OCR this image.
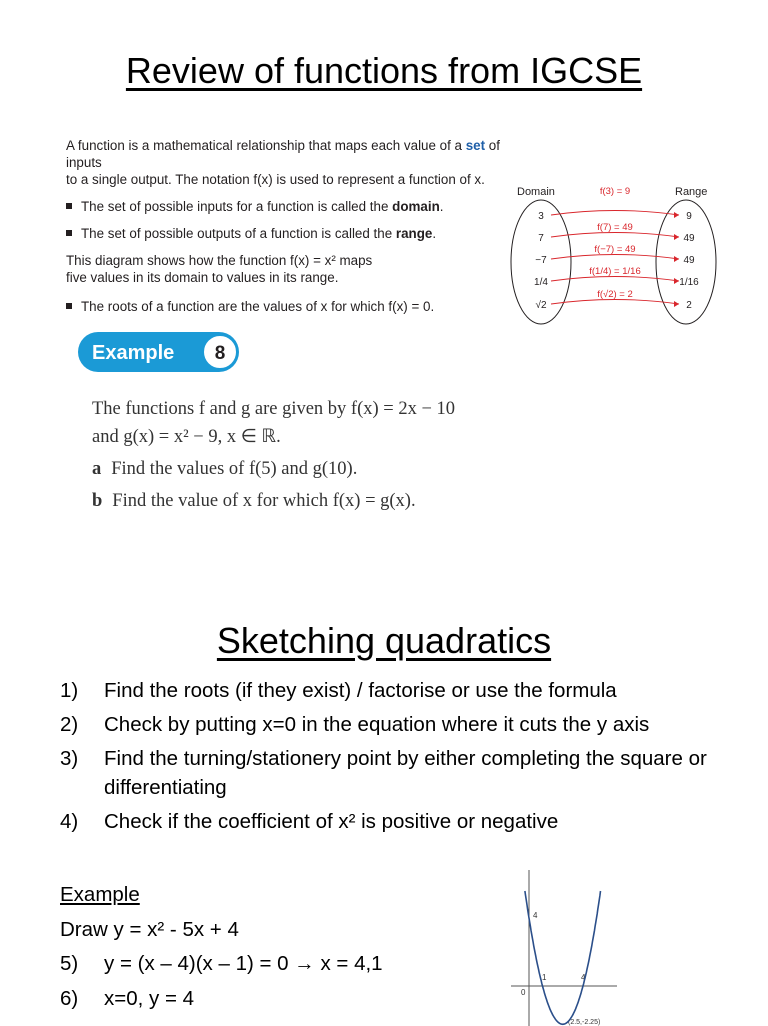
Review of functions from IGCSE

A function is a mathematical relationship that maps each value of a set of inputs

to a single output. The notation f(x) is used to represent a function of x.

The set of possible inputs for a function is called the domain.
The set of possible outputs of a function is called the range.

This diagram shows how the function f(x) = x² maps

five values in its domain to values in its range.

The roots of a function are the values of x for which f(x) = 0.
Domain	Range
3	9
f(3) = 9
7	49
f(7) = 49
−7	49
f(−7) = 49
1/4	1/16
f(1/4) = 1/16
√2	2
f(√2) = 2
Example 8

The functions f and g are given by f(x) = 2x − 10

and g(x) = x² − 9, x ∈ ℝ.

a Find the values of f(5) and g(10).

b Find the value of x for which f(x) = g(x).

Sketching quadratics
1)	Find the roots (if they exist) / factorise or use the formula
2)	Check by putting x=0 in the equation where it cuts the y axis
3)	Find the turning/stationery point by either completing the square or differentiating
4)	Check if the coefficient of x² is positive or negative
Example
Draw y = x² - 5x + 4
5)	y = (x – 4)(x – 1) = 0 → x = 4,1
6)	x=0, y = 4	0
4
1	4
(2.5,-2.25)
